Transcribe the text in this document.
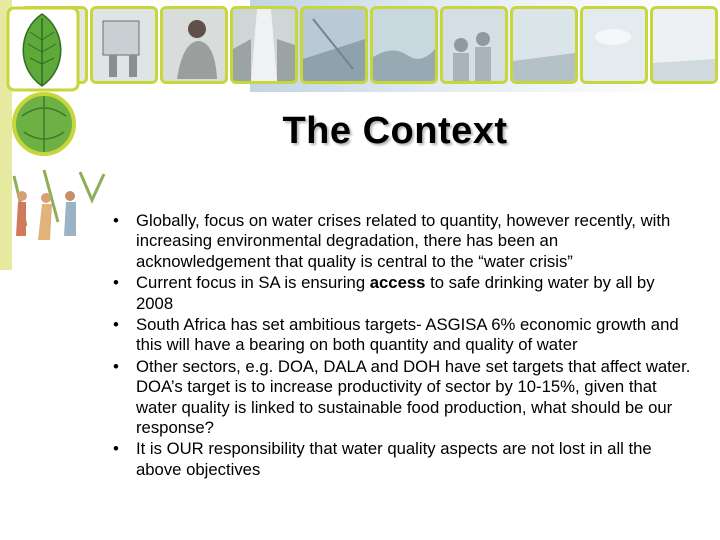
The Context
• Globally, focus on water crises related to quantity, however recently, with increasing environmental degradation, there has been an acknowledgement that quality is central to the “water crisis”
• Current focus in SA is ensuring access to safe drinking water by all by 2008
• South Africa has set ambitious targets- ASGISA 6% economic growth and this will have a bearing on both quantity and quality of water
• Other sectors, e.g. DOA, DALA and DOH have set targets that affect water. DOA’s target is to increase productivity of sector by 10-15%, given that water quality is linked to sustainable food production, what should be our response?
• It is OUR responsibility that water quality aspects are not lost in all the above objectives
